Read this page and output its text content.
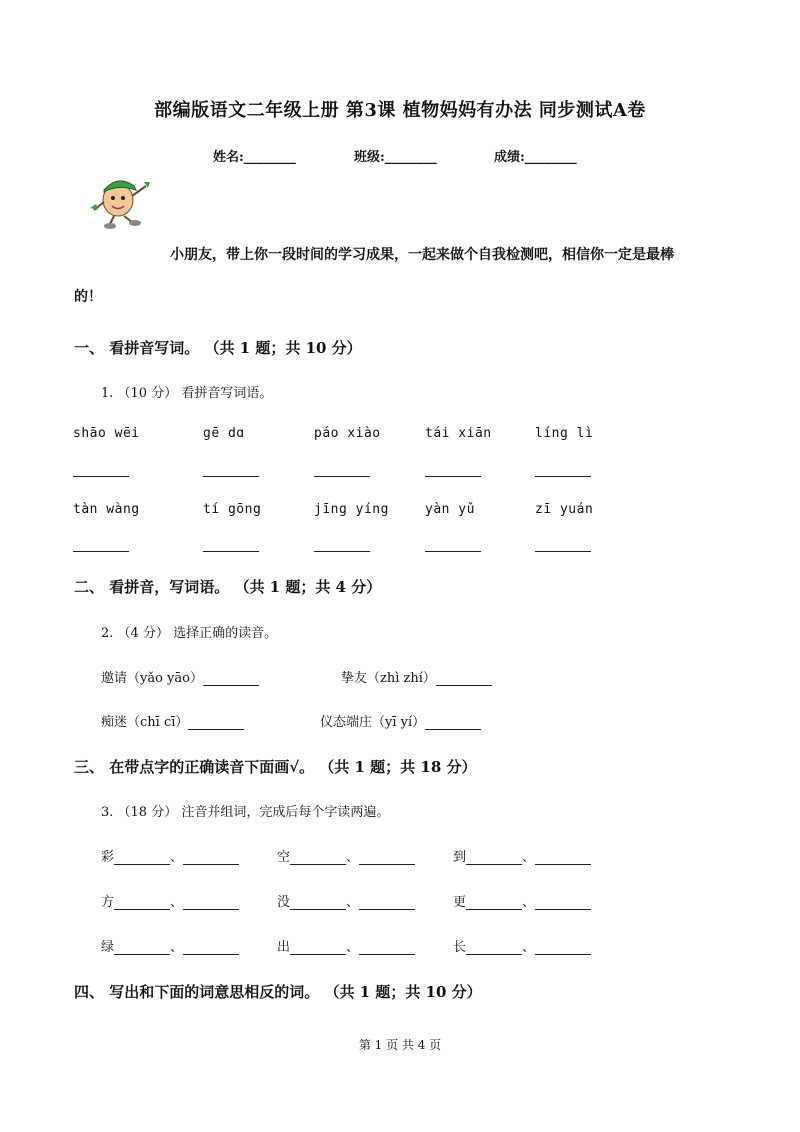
部编版语文二年级上册 第3课 植物妈妈有办法 同步测试A卷
姓名:________	班级:________	成绩:________
小朋友，带上你一段时间的学习成果，一起来做个自我检测吧，相信你一定是最棒
的！
一、 看拼音写词。 （共 1 题；共 10 分）
1. （10 分） 看拼音写词语。
shāo wēi	gē dɑ	páo xiào	tái xiān	líng lì
tàn wàng	tí gōng	jīng yíng	yàn yǔ	zī yuán
二、 看拼音，写词语。 （共 1 题；共 4 分）
2. （4 分） 选择正确的读音。
邀请（yǎo yāo）	挚友（zhì zhí）
痴迷（chī cī）	仪态端庄（yī yí）
三、 在带点字的正确读音下面画√。 （共 1 题；共 18 分）
3. （18 分） 注音并组词，完成后每个字读两遍。
彩	、	空	、	到	、
方	、	没	、	更	、
绿	、	出	、	长	、
四、 写出和下面的词意思相反的词。 （共 1 题；共 10 分）
第 1 页 共 4 页
